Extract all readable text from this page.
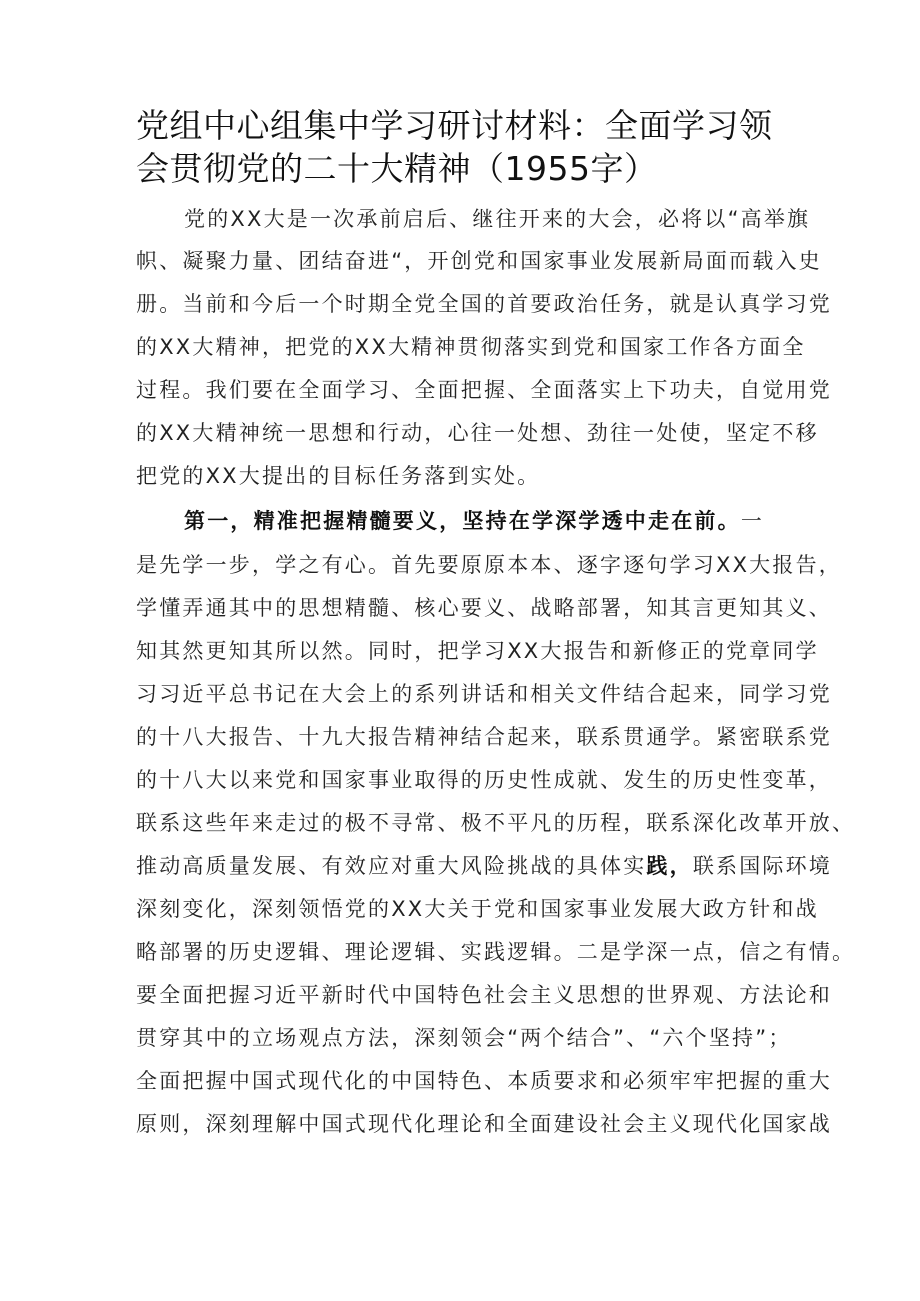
党组中心组集中学习研讨材料：全面学习领
会贯彻党的二十大精神（1955字）
党的XX大是一次承前启后、继往开来的大会，必将以“高举旗
帜、凝聚力量、团结奋进“，开创党和国家事业发展新局面而载入史
册。当前和今后一个时期全党全国的首要政治任务，就是认真学习党
的XX大精神，把党的XX大精神贯彻落实到党和国家工作各方面全
过程。我们要在全面学习、全面把握、全面落实上下功夫，自觉用党
的XX大精神统一思想和行动，心往一处想、劲往一处使，坚定不移
把党的XX大提出的目标任务落到实处。
第一，精准把握精髓要义，坚持在学深学透中走在前。一
是先学一步，学之有心。首先要原原本本、逐字逐句学习XX大报告，
学懂弄通其中的思想精髓、核心要义、战略部署，知其言更知其义、
知其然更知其所以然。同时，把学习XX大报告和新修正的党章同学
习习近平总书记在大会上的系列讲话和相关文件结合起来，同学习党
的十八大报告、十九大报告精神结合起来，联系贯通学。紧密联系党
的十八大以来党和国家事业取得的历史性成就、发生的历史性变革，
联系这些年来走过的极不寻常、极不平凡的历程，联系深化改革开放、
推动高质量发展、有效应对重大风险挑战的具体实践，联系国际环境
深刻变化，深刻领悟党的XX大关于党和国家事业发展大政方针和战
略部署的历史逻辑、理论逻辑、实践逻辑。二是学深一点，信之有情。
要全面把握习近平新时代中国特色社会主义思想的世界观、方法论和
贯穿其中的立场观点方法，深刻领会“两个结合”、“六个坚持”；
全面把握中国式现代化的中国特色、本质要求和必须牢牢把握的重大
原则，深刻理解中国式现代化理论和全面建设社会主义现代化国家战
